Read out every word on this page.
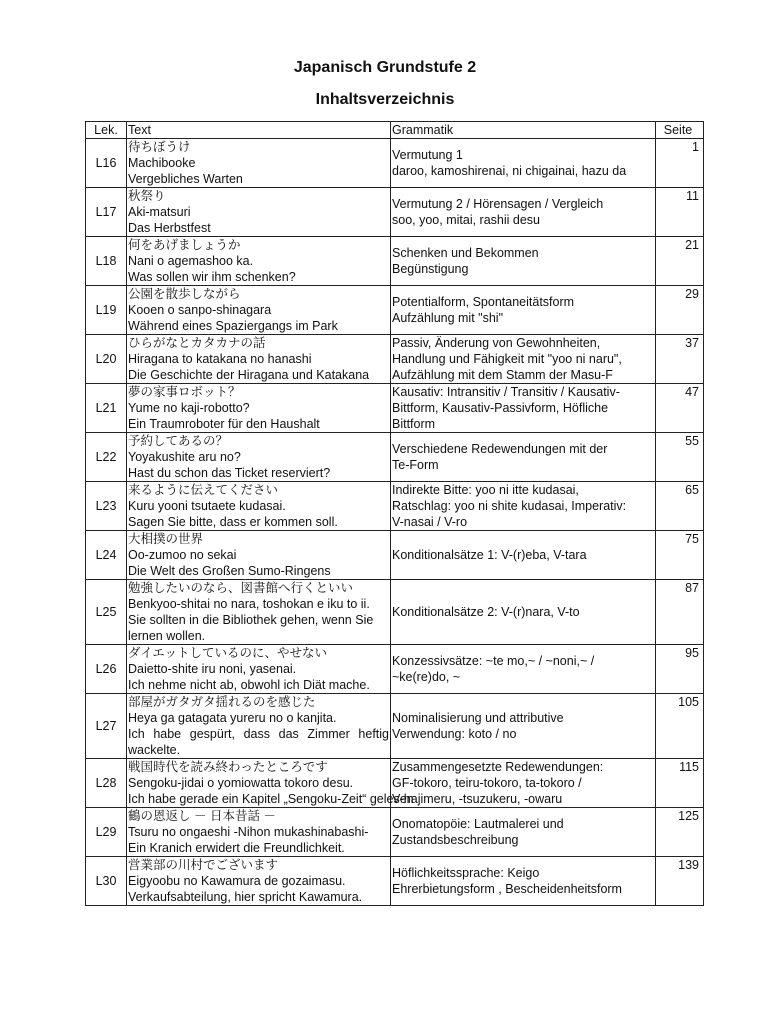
Japanisch Grundstufe 2
Inhaltsverzeichnis
Lek.	Text	Grammatik	Seite
L16	待ちぼうけ
Machibooke
Vergebliches Warten	Vermutung 1
daroo, kamoshirenai, ni chigainai, hazu da	1
L17	秋祭り
Aki-matsuri
Das Herbstfest	Vermutung 2 / Hörensagen / Vergleich
soo, yoo, mitai, rashii desu	11
L18	何をあげましょうか
Nani o agemashoo ka.
Was sollen wir ihm schenken?	Schenken und Bekommen
Begünstigung	21
L19	公園を散歩しながら
Kooen o sanpo-shinagara
Während eines Spaziergangs im Park	Potentialform, Spontaneitätsform
Aufzählung mit "shi"	29
L20	ひらがなとカタカナの話
Hiragana to katakana no hanashi
Die Geschichte der Hiragana und Katakana	Passiv, Änderung von Gewohnheiten,
Handlung und Fähigkeit mit "yoo ni naru",
Aufzählung mit dem Stamm der Masu-F	37
L21	夢の家事ロボット？
Yume no kaji-robotto?
Ein Traumroboter für den Haushalt	Kausativ: Intransitiv / Transitiv / Kausativ-
Bittform, Kausativ-Passivform, Höfliche
Bittform	47
L22	予約してあるの？
Yoyakushite aru no?
Hast du schon das Ticket reserviert?	Verschiedene Redewendungen mit der
Te-Form	55
L23	来るように伝えてください
Kuru yooni tsutaete kudasai.
Sagen Sie bitte, dass er kommen soll.	Indirekte Bitte: yoo ni itte kudasai,
Ratschlag: yoo ni shite kudasai, Imperativ:
V-nasai / V-ro	65
L24	大相撲の世界
Oo-zumoo no sekai
Die Welt des Großen Sumo-Ringens	Konditionalsätze 1: V-(r)eba, V-tara	75
L25	勉強したいのなら、図書館へ行くといい
Benkyoo-shitai no nara, toshokan e iku to ii.
Sie sollten in die Bibliothek gehen, wenn Sie lernen wollen.	Konditionalsätze 2: V-(r)nara, V-to	87
L26	ダイエットしているのに、やせない
Daietto-shite iru noni, yasenai.
Ich nehme nicht ab, obwohl ich Diät mache.	Konzessivsätze: ~te mo,~ / ~noni,~ /
~ke(re)do, ~	95
L27	部屋がガタガタ揺れるのを感じた
Heya ga gatagata yureru no o kanjita.
Ich habe gespürt, dass das Zimmer heftig wackelte.	Nominalisierung und attributive
Verwendung: koto / no	105
L28	戦国時代を読み終わったところです
Sengoku-jidai o yomiowatta tokoro desu.
Ich habe gerade ein Kapitel „Sengoku-Zeit“ gelesen	Zusammengesetzte Redewendungen:
GF-tokoro, teiru-tokoro, ta-tokoro /
V-hajimeru, -tsuzukeru, -owaru	115
L29	鶴の恩返し － 日本昔話 －
Tsuru no ongaeshi -Nihon mukashinabashi-
Ein Kranich erwidert die Freundlichkeit.	Onomatopöie: Lautmalerei und
Zustandsbeschreibung	125
L30	営業部の川村でございます
Eigyoobu no Kawamura de gozaimasu.
Verkaufsabteilung, hier spricht Kawamura.	Höflichkeitssprache: Keigo
Ehrerbietungsform , Bescheidenheitsform	139
